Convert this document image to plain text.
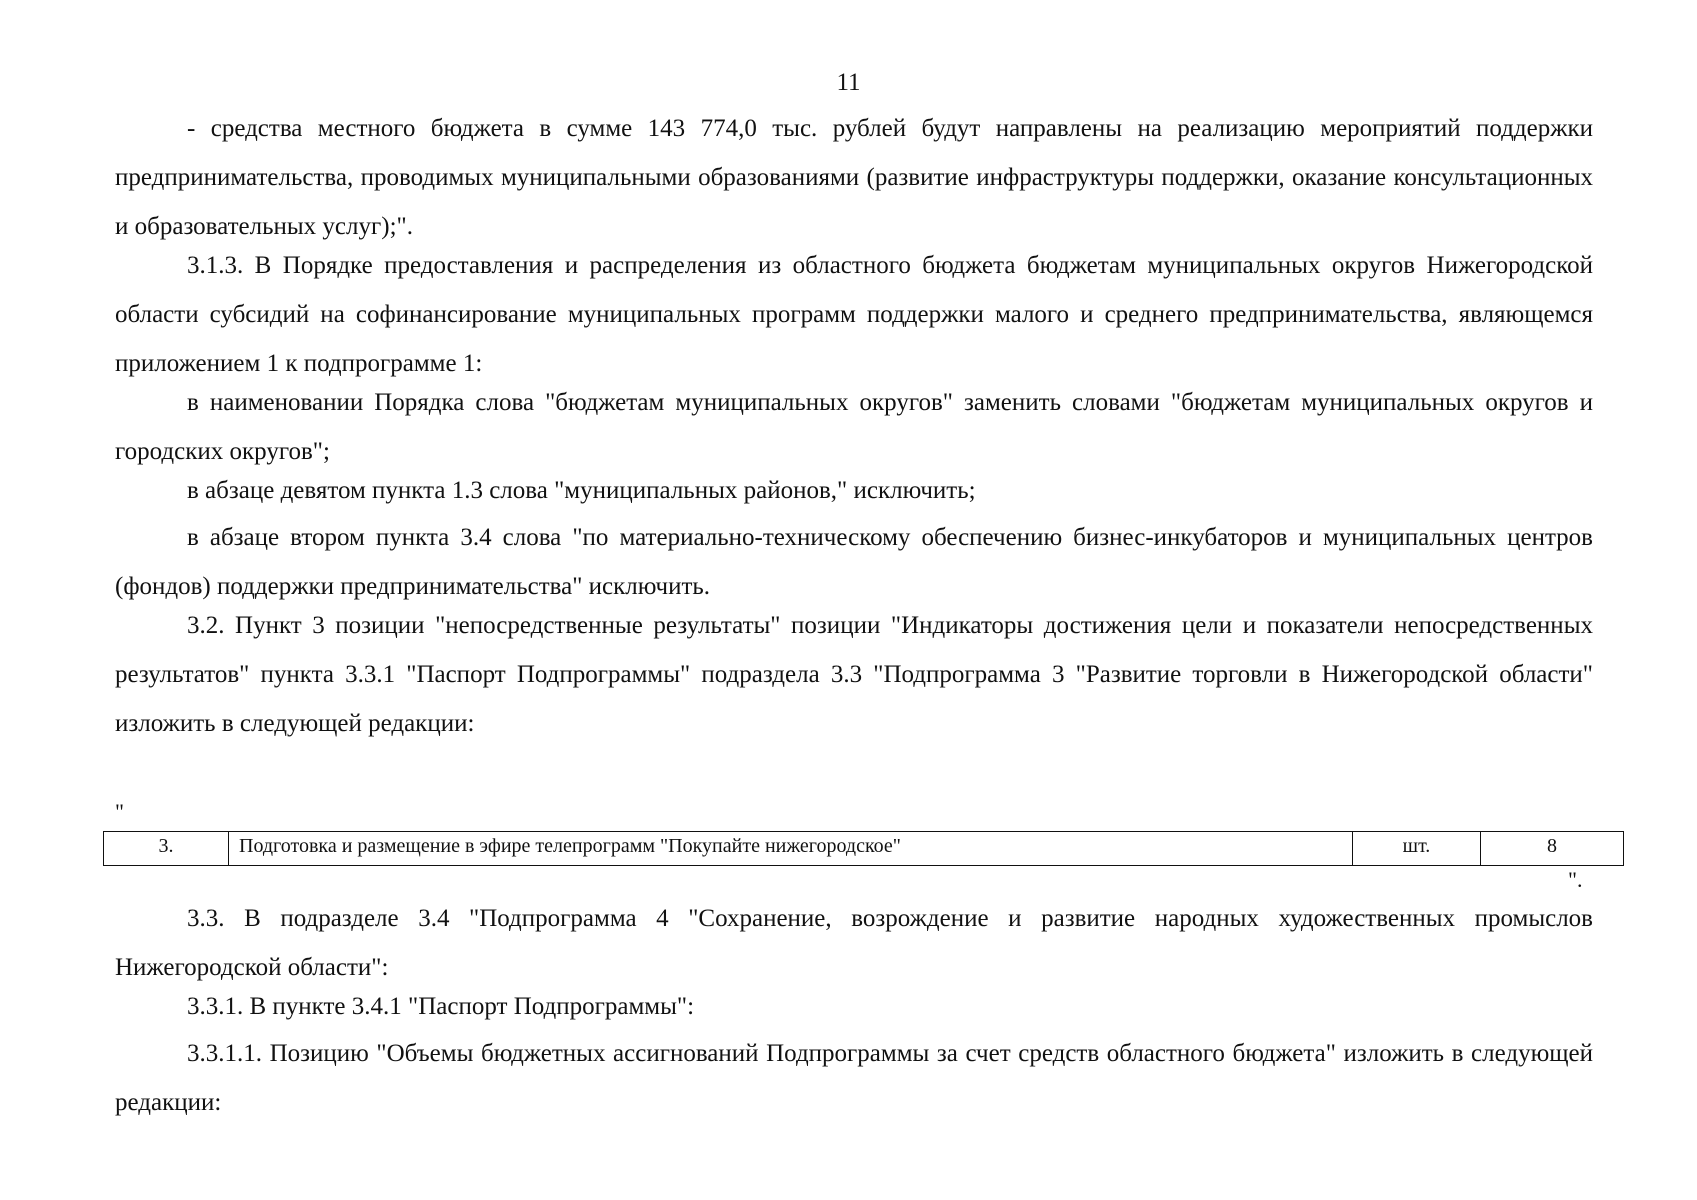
11

- средства местного бюджета в сумме 143 774,0 тыс. рублей будут направлены на реализацию мероприятий поддержки предпринимательства, проводимых муниципальными образованиями (развитие инфраструктуры поддержки, оказание консультационных и образовательных услуг);".

3.1.3. В Порядке предоставления и распределения из областного бюджета бюджетам муниципальных округов Нижегородской области субсидий на софинансирование муниципальных программ поддержки малого и среднего предпринимательства, являющемся приложением 1 к подпрограмме 1:

в наименовании Порядка слова "бюджетам муниципальных округов" заменить словами "бюджетам муниципальных округов и городских округов";

в абзаце девятом пункта 1.3 слова "муниципальных районов," исключить;

в абзаце втором пункта 3.4 слова "по материально-техническому обеспечению бизнес-инкубаторов и муниципальных центров (фондов) поддержки предпринимательства" исключить.

3.2. Пункт 3 позиции "непосредственные результаты" позиции "Индикаторы достижения цели и показатели непосредственных результатов" пункта 3.3.1 "Паспорт Подпрограммы" подраздела 3.3 "Подпрограмма 3 "Развитие торговли в Нижегородской области" изложить в следующей редакции:

"
3.	Подготовка и размещение в эфире телепрограмм "Покупайте нижегородское"	шт.	8
".

3.3. В подразделе 3.4 "Подпрограмма 4 "Сохранение, возрождение и развитие народных художественных промыслов Нижегородской области":

3.3.1. В пункте 3.4.1 "Паспорт Подпрограммы":

3.3.1.1. Позицию "Объемы бюджетных ассигнований Подпрограммы за счет средств областного бюджета" изложить в следующей редакции:
